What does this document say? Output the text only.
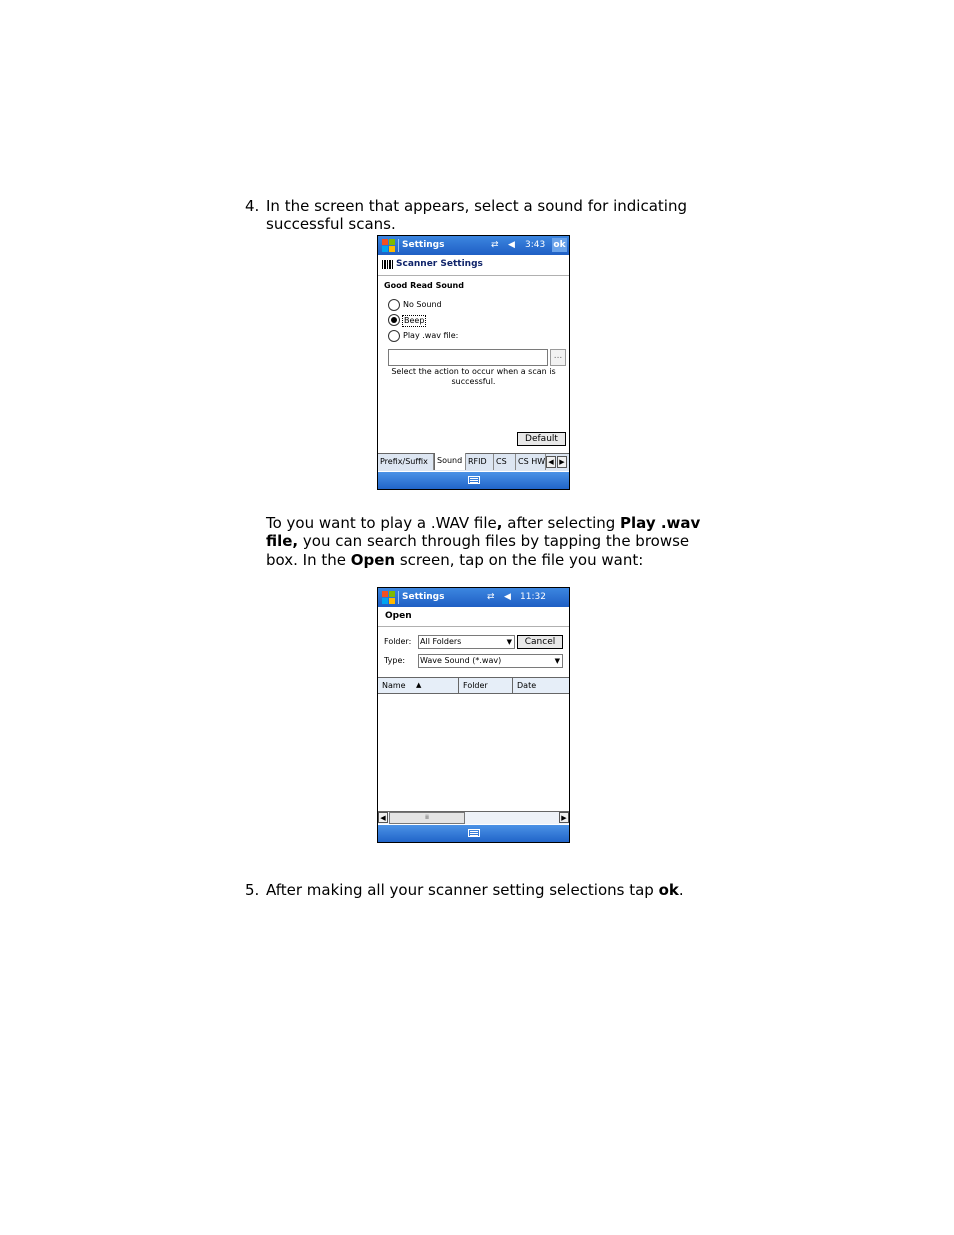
4. In the screen that appears, select a sound for indicating

successful scans.

Settings	⇄ ◀ 3:43 ok
Scanner Settings
Good Read Sound
No Sound
Beep
Play .wav file:
...
Select the action to occur when a scan is
successful.
Default
Prefix/Suffix	Sound RFID	CS	CS HW ◀ ▶

To you want to play a .WAV file, after selecting Play .wav

file, you can search through files by tapping the browse

box. In the Open screen, tap on the file you want:

Settings	⇄ ◀ 11:32
Open
Folder: All Folders	▼	Cancel
Type: Wave Sound (*.wav)	▼
Name ▲	Folder	Date
◀	⁞⁞	▶
5. After making all your scanner setting selections tap ok.
